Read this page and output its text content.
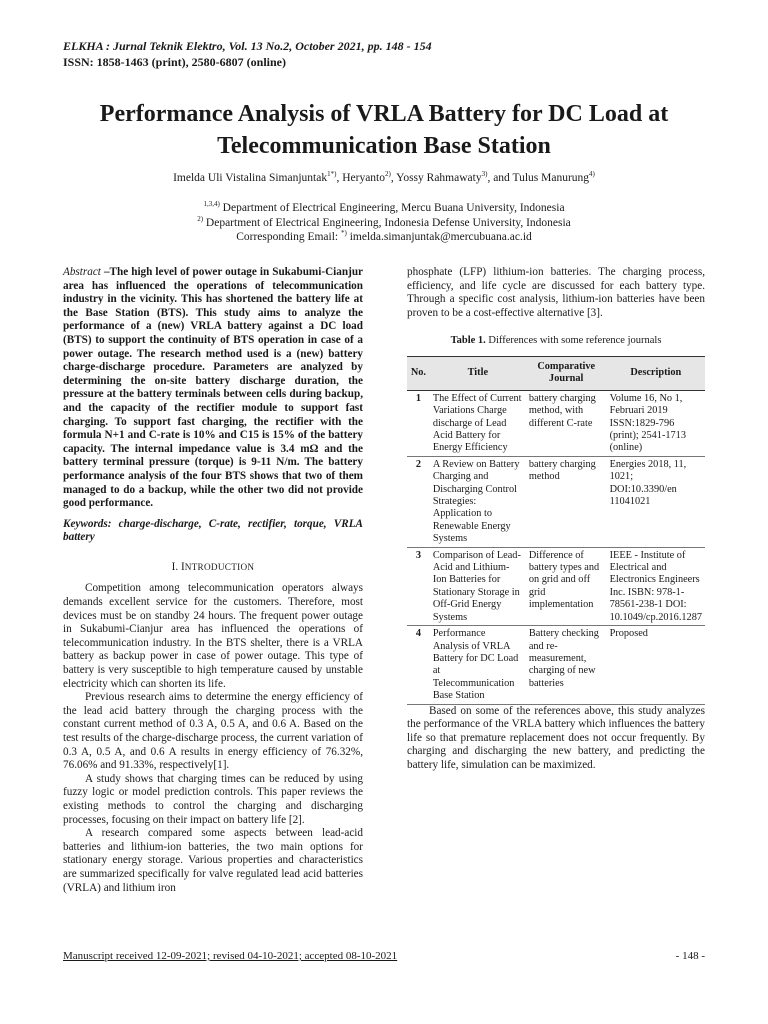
ELKHA : Jurnal Teknik Elektro, Vol. 13 No.2, October 2021, pp. 148 - 154
ISSN: 1858-1463 (print), 2580-6807 (online)
Performance Analysis of VRLA Battery for DC Load at Telecommunication Base Station
Imelda Uli Vistalina Simanjuntak$^{1*)}$, Heryanto$^{2)}$, Yossy Rahmawaty$^{3)}$, and Tulus Manurung$^{4)}$
$^{1,3,4)}$ Department of Electrical Engineering, Mercu Buana University, Indonesia
$^{2)}$ Department of Electrical Engineering, Indonesia Defense University, Indonesia
Corresponding Email: *) imelda.simanjuntak@mercubuana.ac.id
Abstract –The high level of power outage in Sukabumi-Cianjur area has influenced the operations of telecommunication industry in the vicinity. This has shortened the battery life at the Base Station (BTS). This study aims to analyze the performance of a (new) VRLA battery against a DC load (BTS) to support the continuity of BTS operation in case of a power outage. The research method used is a (new) battery charge-discharge procedure. Parameters are analyzed by determining the on-site battery discharge duration, the pressure at the battery terminals between cells during backup, and the capacity of the rectifier module to support fast charging. To support fast charging, the rectifier with the formula N+1 and C-rate is 10% and C15 is 15% of the battery capacity. The internal impedance value is 3.4 mΩ and the battery terminal pressure (torque) is 9-11 N/m. The battery performance analysis of the four BTS shows that two of them managed to do a backup, while the other two did not provide good performance.
Keywords: charge-discharge, C-rate, rectifier, torque, VRLA battery
I. INTRODUCTION

Competition among telecommunication operators always demands excellent service for the customers. Therefore, most devices must be on standby 24 hours. The frequent power outage in Sukabumi-Cianjur area has influenced the operations of telecommunication industry. In the BTS shelter, there is a VRLA battery as backup power in case of power outage. This type of battery is very susceptible to high temperature caused by unstable electricity which can shorten its life.

Previous research aims to determine the energy efficiency of the lead acid battery through the charging process with the constant current method of 0.3 A, 0.5 A, and 0.6 A. Based on the test results of the charge-discharge process, the current variation of 0.3 A, 0.5 A, and 0.6 A results in energy efficiency of 76.32%, 76.06% and 91.33%, respectively[1].

A study shows that charging times can be reduced by using fuzzy logic or model prediction controls. This paper reviews the existing methods to control the charging and discharging processes, focusing on their impact on battery life [2].

A research compared some aspects between lead-acid batteries and lithium-ion batteries, the two main options for stationary energy storage. Various properties and characteristics are summarized specifically for valve regulated lead acid batteries (VRLA) and lithium iron

phosphate (LFP) lithium-ion batteries. The charging process, efficiency, and life cycle are discussed for each battery type. Through a specific cost analysis, lithium-ion batteries have been proven to be a cost-effective alternative [3].
Table 1. Differences with some reference journals
No.	Title	Comparative Journal	Description
1	The Effect of Current Variations Charge discharge of Lead Acid Battery for Energy Efficiency	battery charging method, with different C-rate	Volume 16, No 1, Februari 2019 ISSN:1829-796 (print); 2541-1713 (online)
2	A Review on Battery Charging and Discharging Control Strategies: Application to Renewable Energy Systems	battery charging method	Energies 2018, 11, 1021; DOI:10.3390/en 11041021
3	Comparison of Lead-Acid and Lithium-Ion Batteries for Stationary Storage in Off-Grid Energy Systems	Difference of battery types and on grid and off grid implementation	IEEE - Institute of Electrical and Electronics Engineers Inc. ISBN: 978-1-78561-238-1 DOI: 10.1049/cp.2016.1287
4	Performance Analysis of VRLA Battery for DC Load at Telecommunication Base Station	Battery checking and re-measurement, charging of new batteries	Proposed

Based on some of the references above, this study analyzes the performance of the VRLA battery which influences the battery life so that premature replacement does not occur frequently. By charging and discharging the new battery, and predicting the battery life, simulation can be maximized.

Manuscript received 12-09-2021; revised 04-10-2021; accepted 08-10-2021	- 148 -
